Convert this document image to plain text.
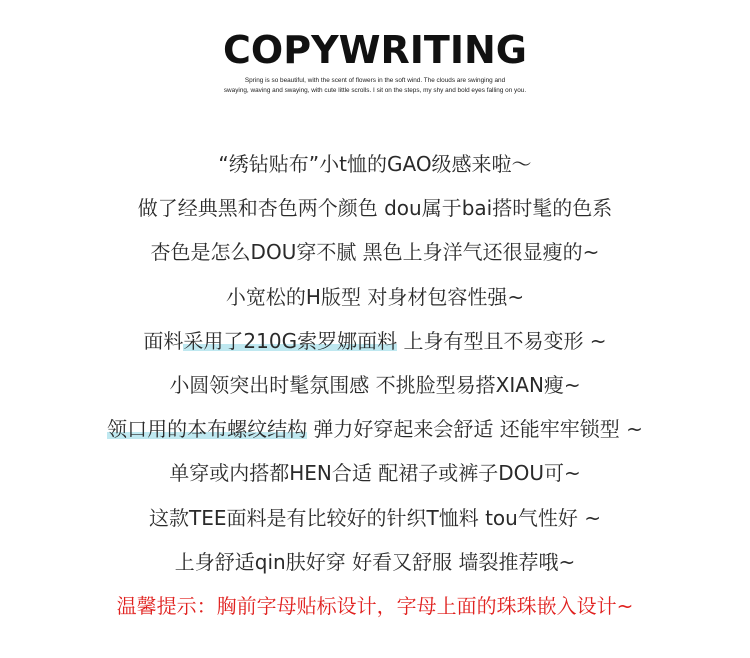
COPYWRITING
Spring is so beautiful, with the scent of flowers in the soft wind. The clouds are swinging and
swaying, waving and swaying, with cute little scrolls. I sit on the steps, my shy and bold eyes falling on you.
“绣钻贴布”小t恤的GAO级感来啦～
做了经典黑和杏色两个颜色 dou属于bai搭时髦的色系
杏色是怎么DOU穿不腻 黑色上身洋气还很显瘦的~
小宽松的H版型 对身材包容性强~
面料采用了210G索罗娜面料 上身有型且不易变形 ~
小圆领突出时髦氛围感 不挑脸型易搭XIAN瘦~
领口用的本布螺纹结构 弹力好穿起来会舒适 还能牢牢锁型 ~
单穿或内搭都HEN合适 配裙子或裤子DOU可~
这款TEE面料是有比较好的针织T恤料 tou气性好 ~
上身舒适qin肤好穿 好看又舒服 墙裂推荐哦~
温馨提示：胸前字母贴标设计，字母上面的珠珠嵌入设计~
